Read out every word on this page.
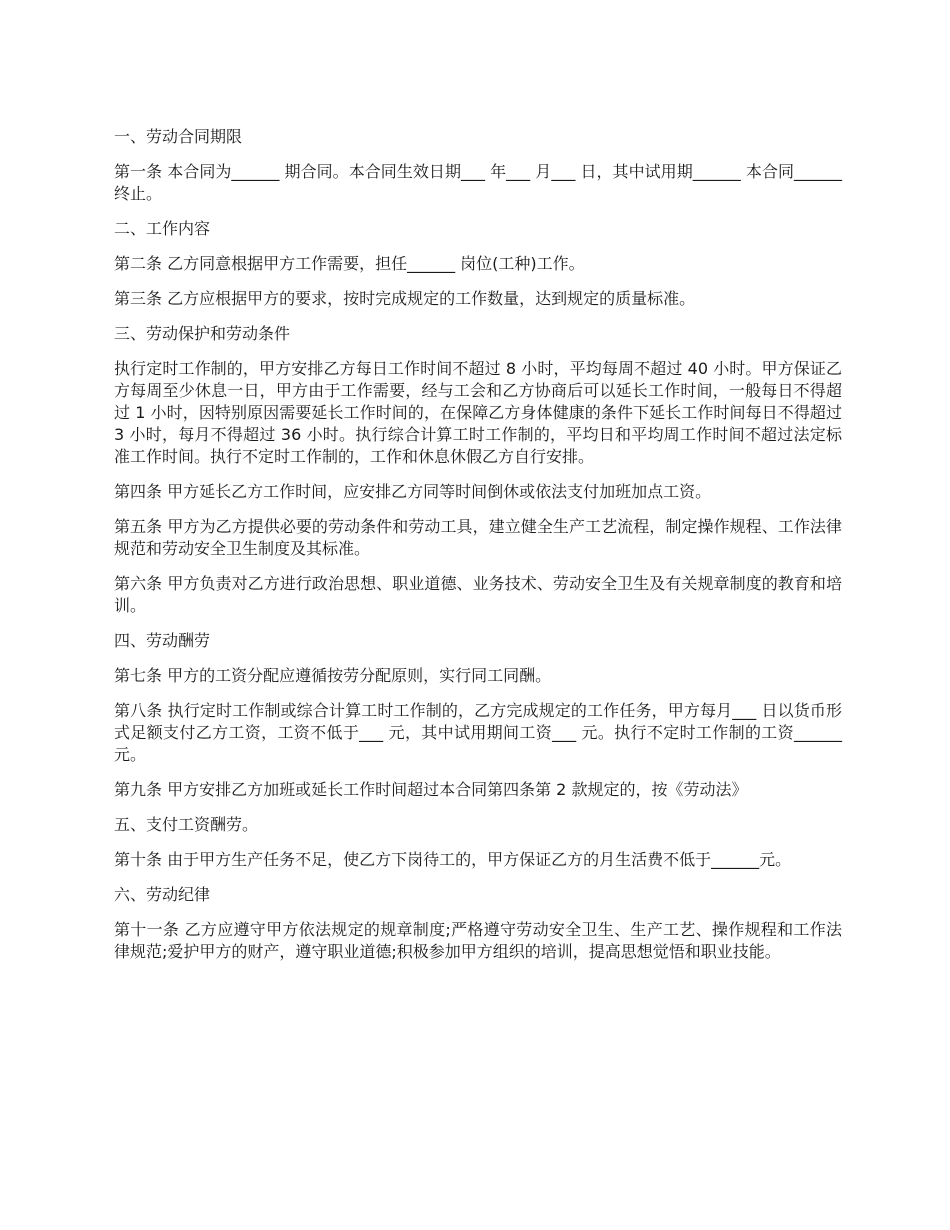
一、劳动合同期限

第一条 本合同为______ 期合同。本合同生效日期___ 年___ 月___ 日，其中试用期______ 本合同______ 终止。

二、工作内容

第二条 乙方同意根据甲方工作需要，担任______ 岗位(工种)工作。

第三条 乙方应根据甲方的要求，按时完成规定的工作数量，达到规定的质量标准。

三、劳动保护和劳动条件

执行定时工作制的，甲方安排乙方每日工作时间不超过 8 小时，平均每周不超过 40 小时。甲方保证乙方每周至少休息一日，甲方由于工作需要，经与工会和乙方协商后可以延长工作时间，一般每日不得超过 1 小时，因特别原因需要延长工作时间的，在保障乙方身体健康的条件下延长工作时间每日不得超过 3 小时，每月不得超过 36 小时。执行综合计算工时工作制的，平均日和平均周工作时间不超过法定标准工作时间。执行不定时工作制的，工作和休息休假乙方自行安排。

第四条 甲方延长乙方工作时间，应安排乙方同等时间倒休或依法支付加班加点工资。

第五条 甲方为乙方提供必要的劳动条件和劳动工具，建立健全生产工艺流程，制定操作规程、工作法律规范和劳动安全卫生制度及其标准。

第六条 甲方负责对乙方进行政治思想、职业道德、业务技术、劳动安全卫生及有关规章制度的教育和培训。

四、劳动酬劳

第七条 甲方的工资分配应遵循按劳分配原则，实行同工同酬。

第八条 执行定时工作制或综合计算工时工作制的，乙方完成规定的工作任务，甲方每月___ 日以货币形式足额支付乙方工资，工资不低于___ 元，其中试用期间工资___ 元。执行不定时工作制的工资______元。

第九条 甲方安排乙方加班或延长工作时间超过本合同第四条第 2 款规定的，按《劳动法》

五、支付工资酬劳。

第十条 由于甲方生产任务不足，使乙方下岗待工的，甲方保证乙方的月生活费不低于______元。

六、劳动纪律

第十一条 乙方应遵守甲方依法规定的规章制度;严格遵守劳动安全卫生、生产工艺、操作规程和工作法律规范;爱护甲方的财产，遵守职业道德;积极参加甲方组织的培训，提高思想觉悟和职业技能。
